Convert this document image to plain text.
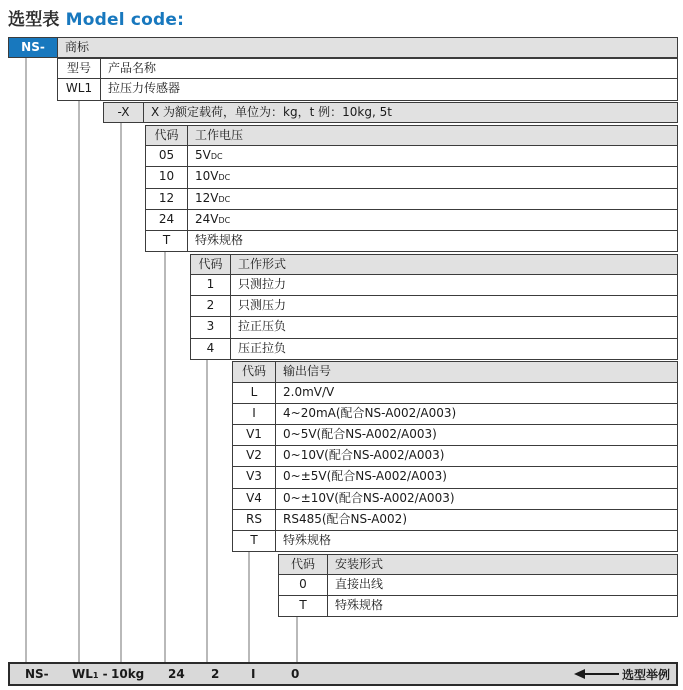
选型表 Model code:
NS-	商标
型号	产品名称
WL1	拉压力传感器
-X	X 为额定载荷，单位为：kg，t 例：10kg, 5t
代码	工作电压
05	5VDC
10	10VDC
12	12VDC
24	24VDC
T	特殊规格
代码	工作形式
1	只测拉力
2	只测压力
3	拉正压负
4	压正拉负
代码	输出信号
L	2.0mV/V
I	4~20mA(配合NS-A002/A003)
V1	0~5V(配合NS-A002/A003)
V2	0~10V(配合NS-A002/A003)
V3	0~±5V(配合NS-A002/A003)
V4	0~±10V(配合NS-A002/A003)
RS	RS485(配合NS-A002)
T	特殊规格
代码	安装形式
0	直接出线
T	特殊规格
选型举例
NS- WL1 - 10kg 24 2	I	0
